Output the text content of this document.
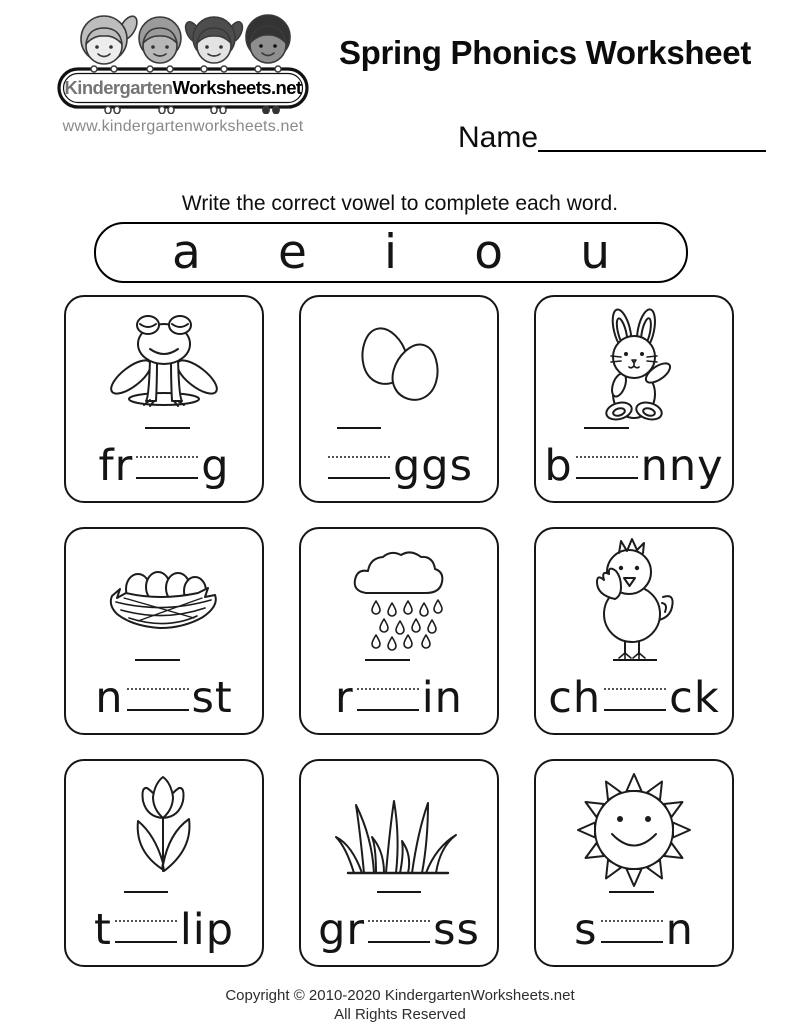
Kindergarten Worksheets.net
www.kindergartenworksheets.net
Spring Phonics Worksheet
Name
Write the correct vowel to complete each word.
a e i o u
fr g	ggs b nny
n st r in ch ck
t lip gr ss s n
Copyright © 2010-2020 KindergartenWorksheets.net
All Rights Reserved
